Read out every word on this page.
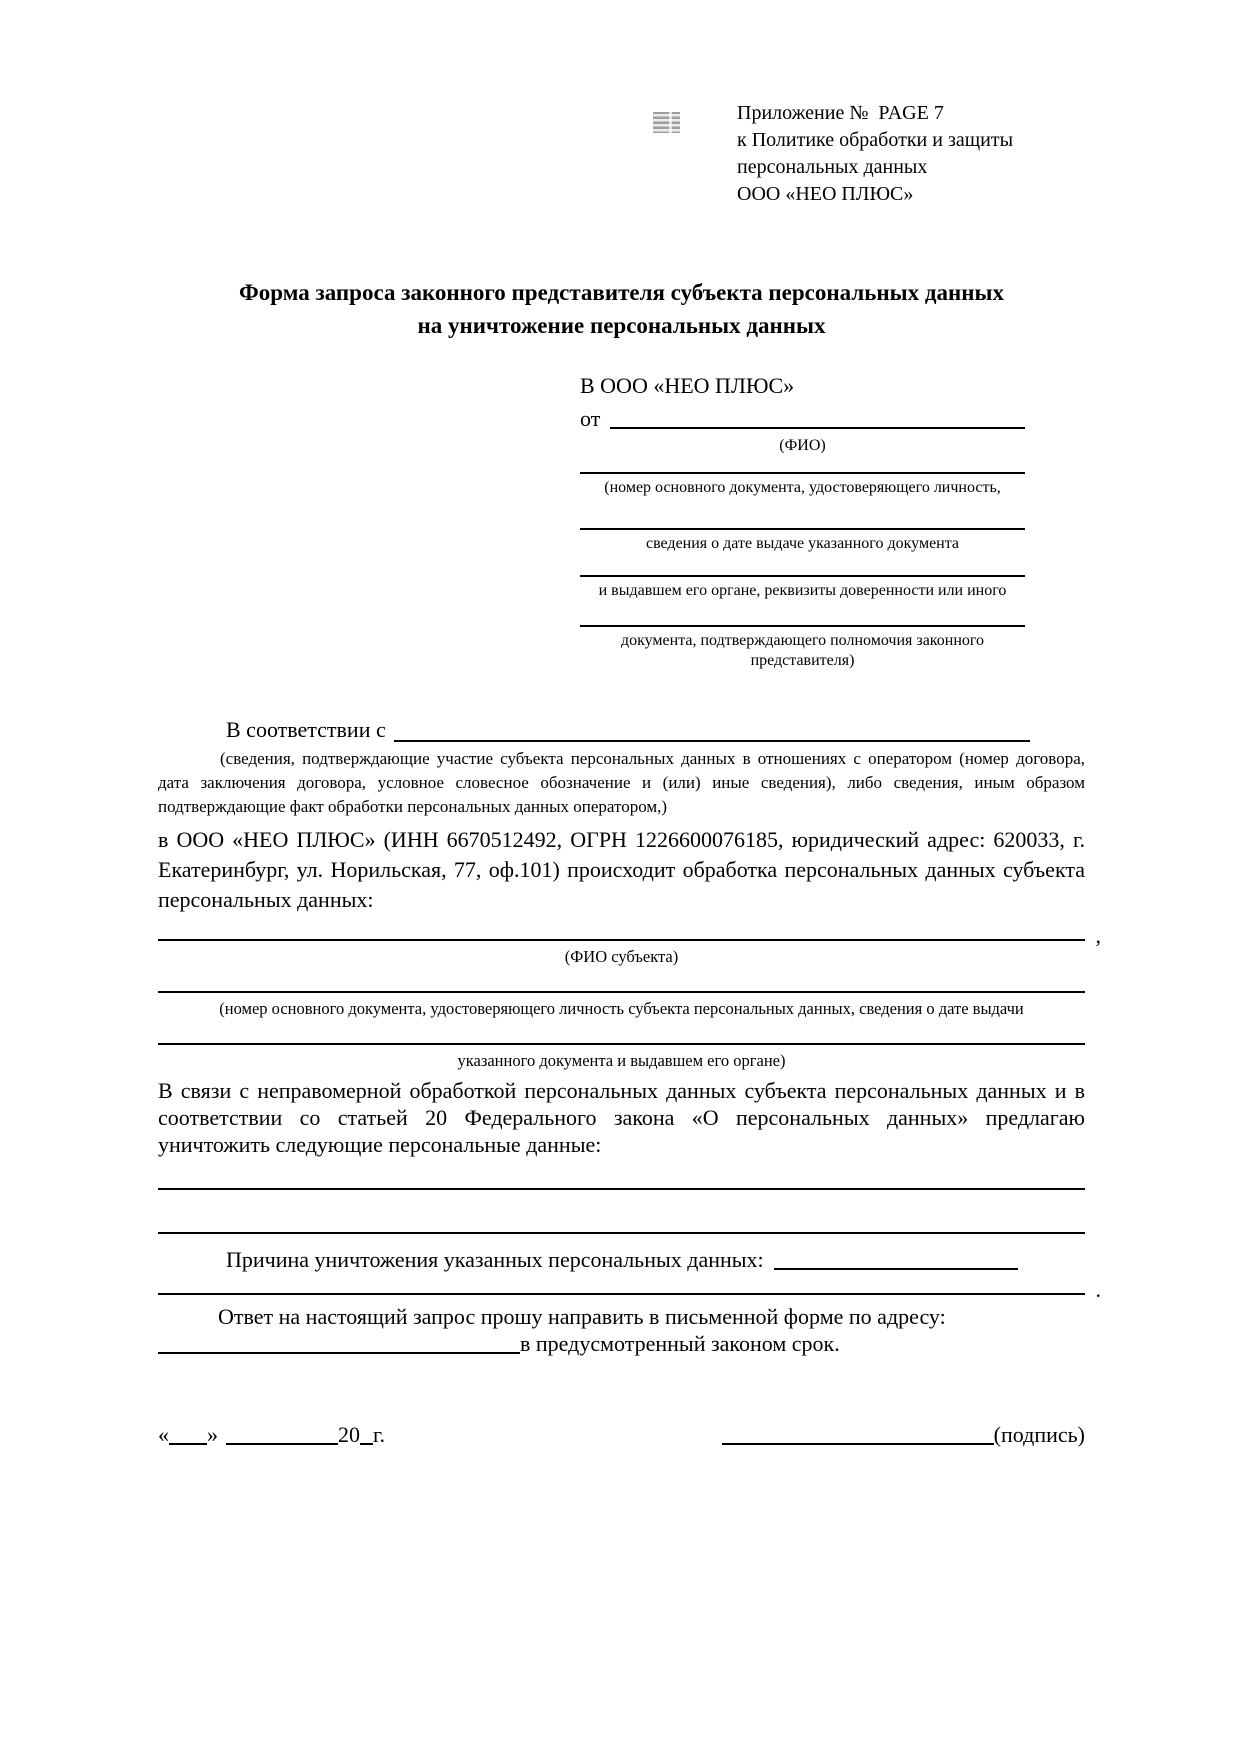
Приложение №  PAGE 7
к Политике обработки и защиты
персональных данных
ООО «НЕО ПЛЮС»
Форма запроса законного представителя субъекта персональных данных
на уничтожение персональных данных
В ООО «НЕО ПЛЮС»
от
(ФИО)
(номер основного документа, удостоверяющего личность,
сведения о дате выдаче указанного документа
и выдавшем его органе, реквизиты доверенности или иного
документа, подтверждающего полномочия законного представителя)
В соответствии с
(сведения, подтверждающие участие субъекта персональных данных в отношениях с оператором (номер договора, дата заключения договора, условное словесное обозначение и (или) иные сведения), либо сведения, иным образом подтверждающие факт обработки персональных данных оператором,)
в ООО «НЕО ПЛЮС» (ИНН 6670512492, ОГРН 1226600076185, юридический адрес: 620033, г. Екатеринбург, ул. Норильская, 77, оф.101) происходит обработка персональных данных субъекта персональных данных:
,
(ФИО субъекта)
(номер основного документа, удостоверяющего личность субъекта персональных данных, сведения о дате выдачи
указанного документа и выдавшем его органе)
В связи с неправомерной обработкой персональных данных субъекта персональных данных и в соответствии со статьей 20 Федерального закона «О персональных данных» предлагаю уничтожить следующие персональные данные:
Причина уничтожения указанных персональных данных:
.
Ответ на настоящий запрос прошу направить в письменной форме по адресу:
в предусмотренный законом срок.
« »	20 г.	(подпись)
